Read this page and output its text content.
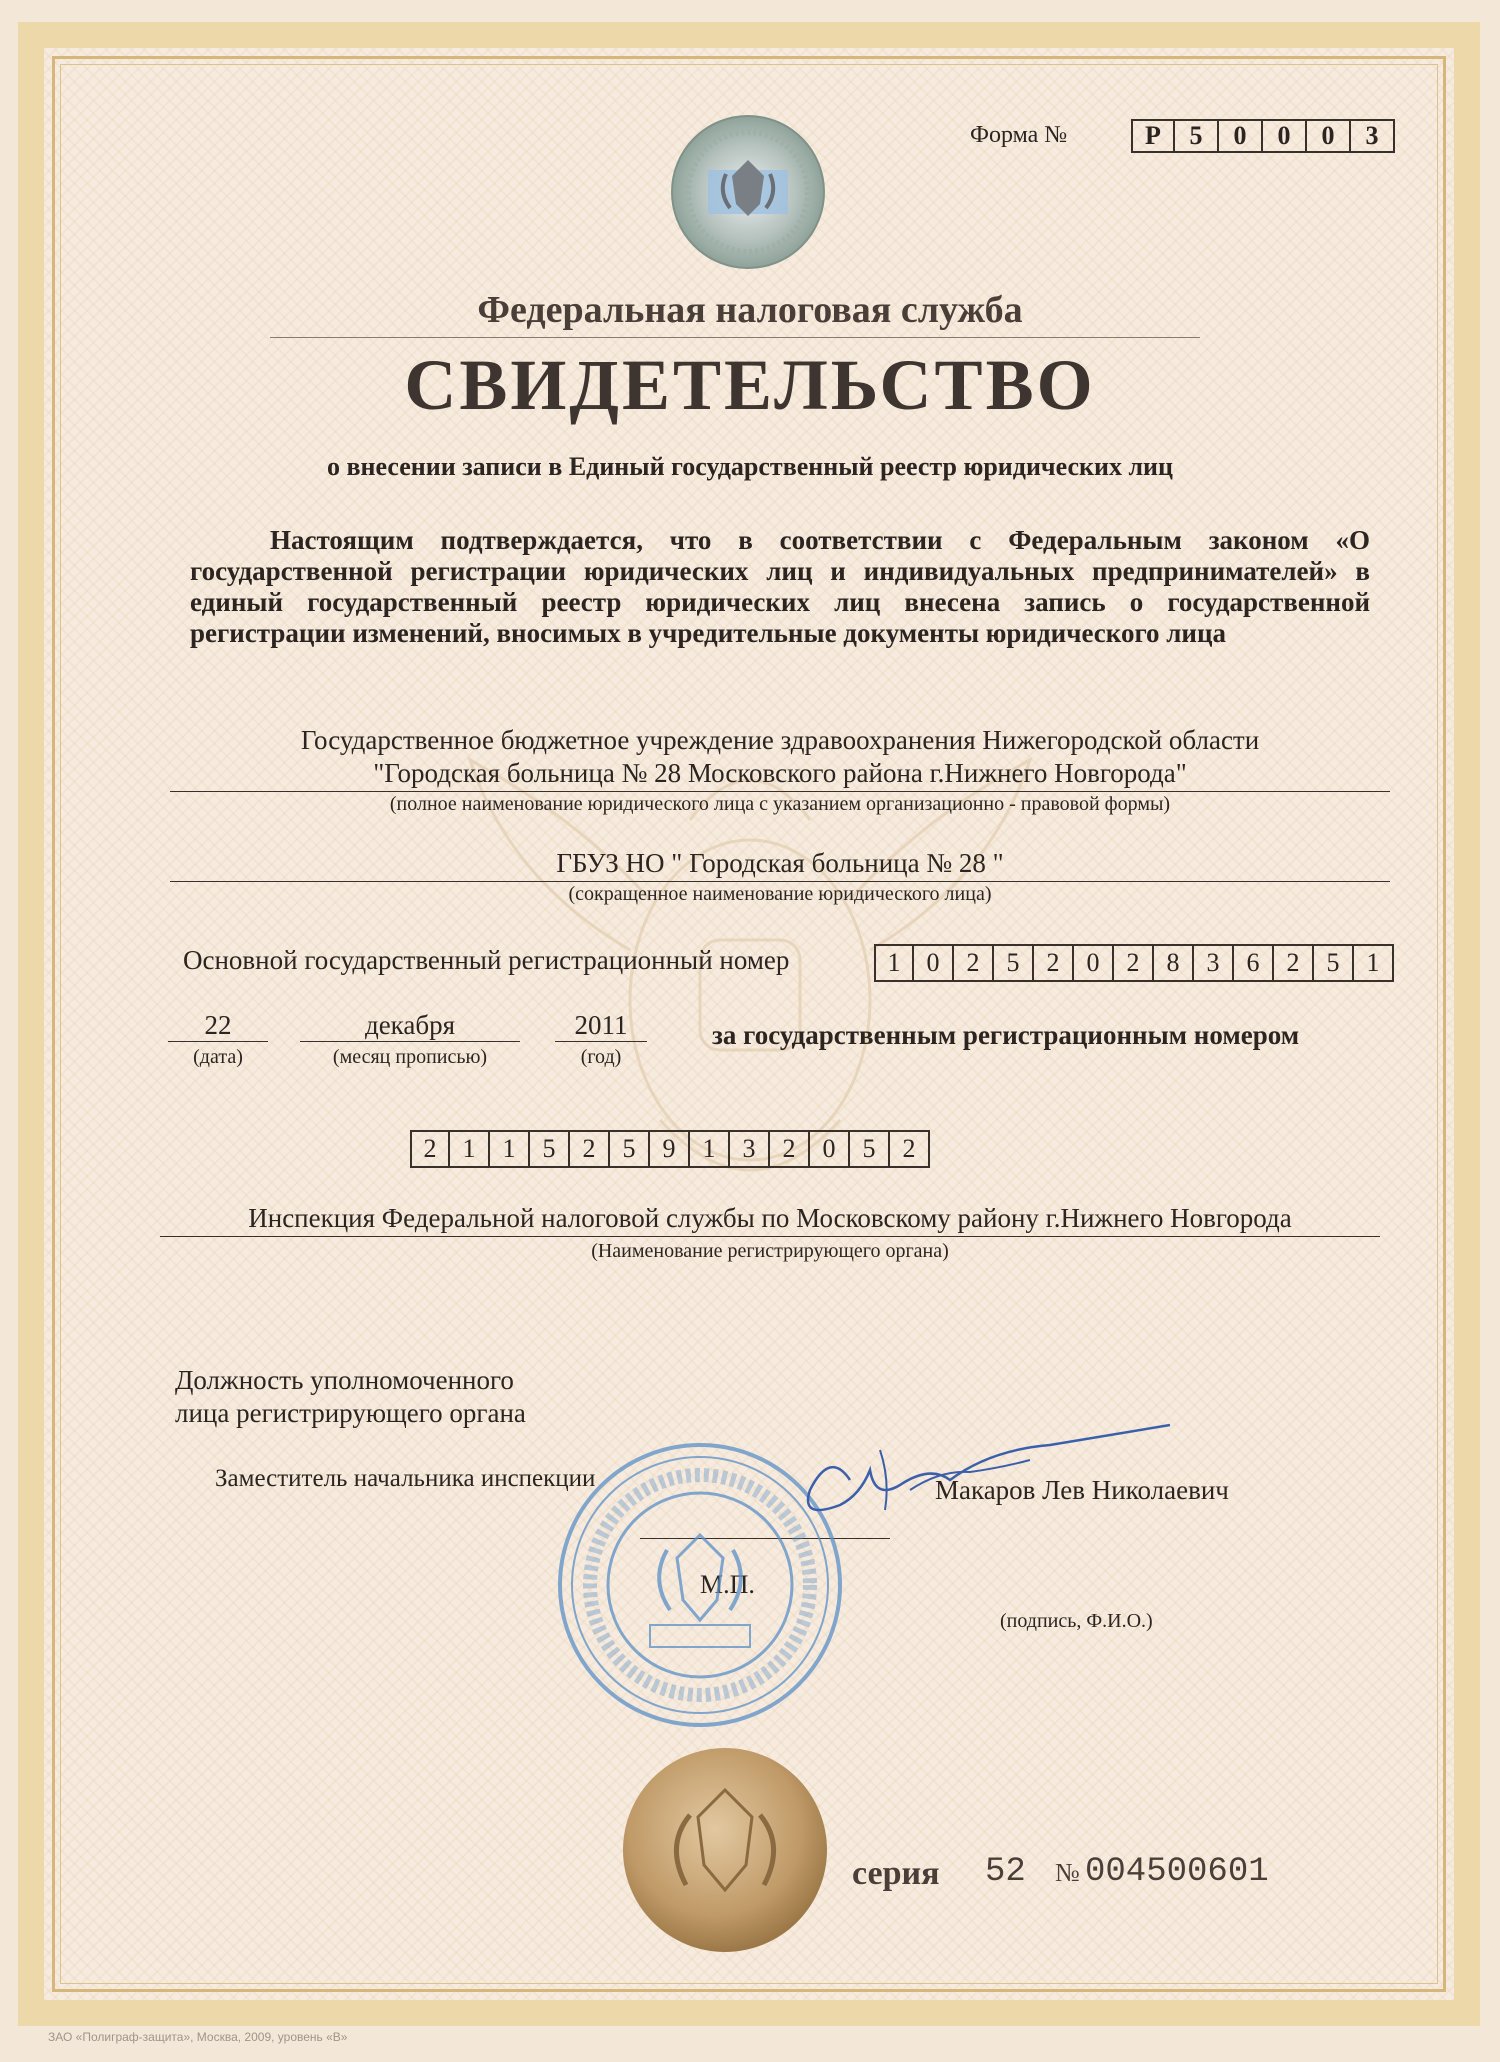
Форма №	Р	5	0	0	0	3
Федеральная налоговая служба
СВИДЕТЕЛЬСТВО
о внесении записи в Единый государственный реестр юридических лиц
Настоящим подтверждается, что в соответствии с Федеральным законом «О государственной регистрации юридических лиц и индивидуальных предпринимателей» в единый государственный реестр юридических лиц внесена запись о государственной регистрации изменений, вносимых в учредительные документы юридического лица
Государственное бюджетное учреждение здравоохранения Нижегородской области
"Городская больница № 28 Московского района г.Нижнего Новгорода"
(полное наименование юридического лица с указанием организационно - правовой формы)
ГБУЗ НО " Городская больница № 28 "
(сокращенное наименование юридического лица)
Основной государственный регистрационный номер	1	0	2	5	2	0	2	8	3	6	2	5	1
22
(дата)
декабря
(месяц прописью)
2011
(год)
за государственным регистрационным номером
2	1	1	5	2	5	9	1	3	2	0	5	2
Инспекция Федеральной налоговой службы по Московскому району г.Нижнего Новгорода
(Наименование регистрирующего органа)
Должность уполномоченного
лица регистрирующего органа
Заместитель начальника инспекции	Макаров Лев Николаевич
М.П.
(подпись, Ф.И.О.)
серия 52 № 004500601
ЗАО «Полиграф-защита», Москва, 2009, уровень «В»
